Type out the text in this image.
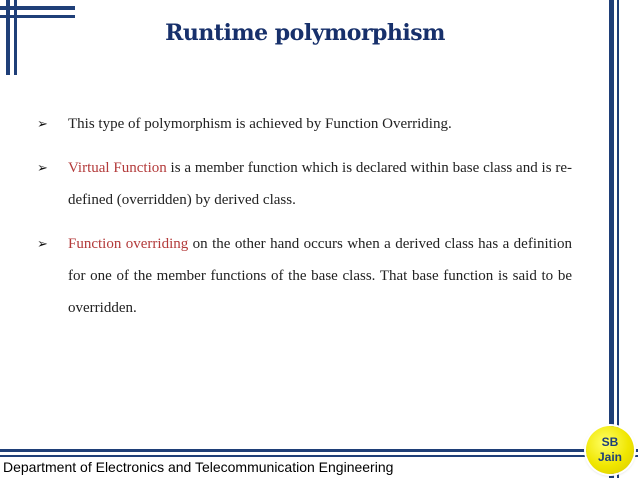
Runtime polymorphism
➢	This type of polymorphism is achieved by Function Overriding.
➢	Virtual Function is a member function which is declared within base class and is re-defined (overridden) by derived class.
➢	Function overriding on the other hand occurs when a derived class has a definition for one of the member functions of the base class. That base function is said to be overridden.
Department of Electronics and Telecommunication Engineering
SB
Jain
